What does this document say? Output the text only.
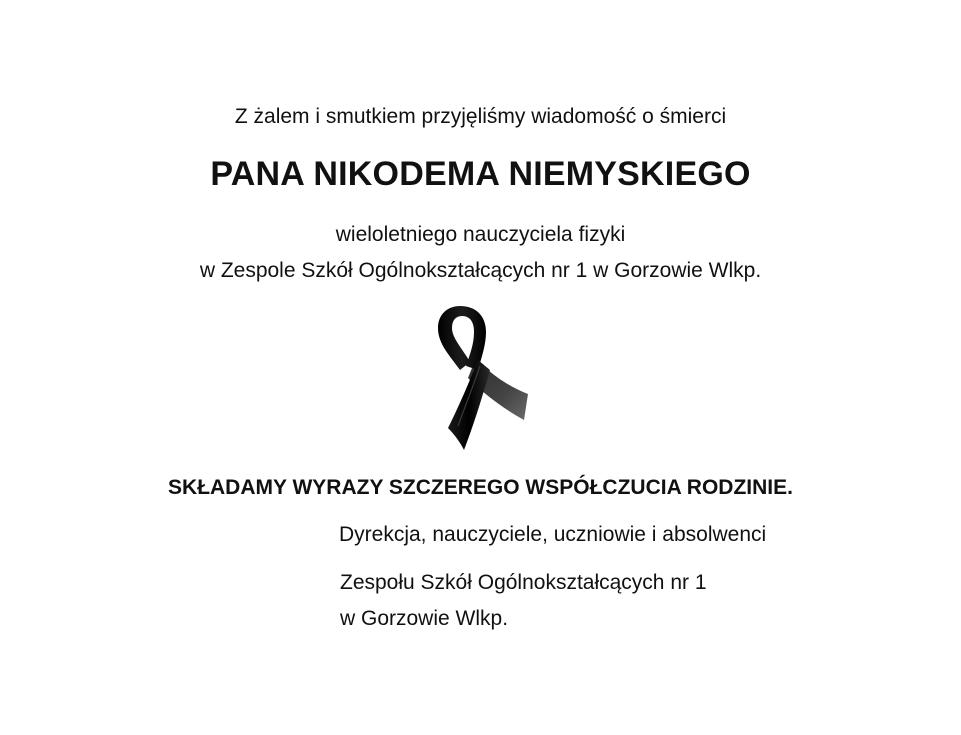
Z żalem i smutkiem przyjęliśmy wiadomość o śmierci
PANA NIKODEMA NIEMYSKIEGO
wieloletniego nauczyciela fizyki
w Zespole Szkół Ogólnokształcących nr 1 w Gorzowie Wlkp.
SKŁADAMY WYRAZY SZCZEREGO WSPÓŁCZUCIA RODZINIE.
Dyrekcja, nauczyciele, uczniowie i absolwenci
Zespołu Szkół Ogólnokształcących nr 1
w Gorzowie Wlkp.
